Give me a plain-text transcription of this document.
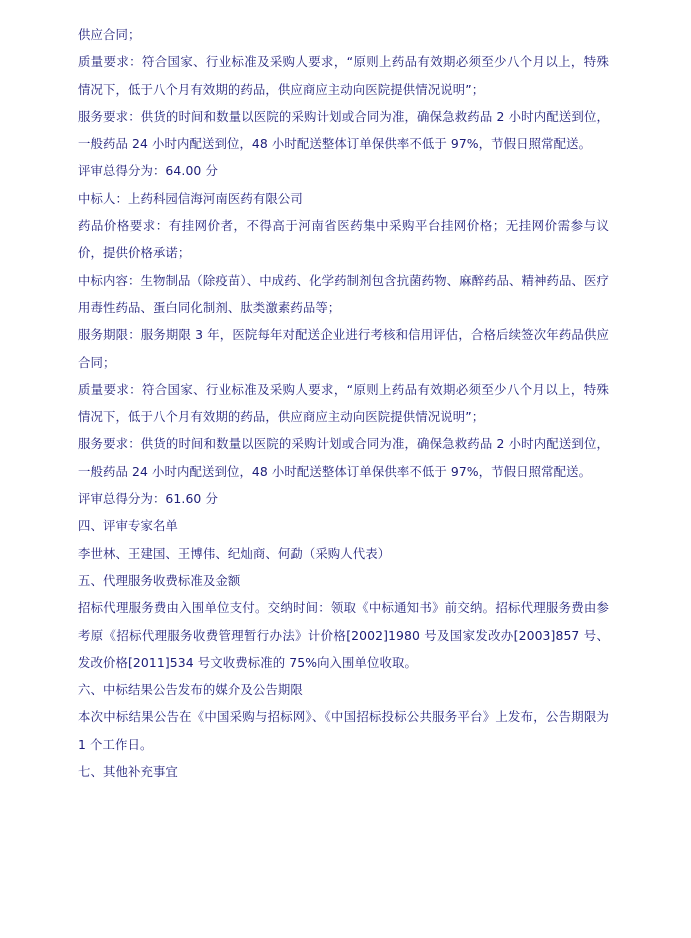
供应合同；

质量要求：符合国家、行业标准及采购人要求，“原则上药品有效期必须至少八个月以上，特殊情况下，低于八个月有效期的药品，供应商应主动向医院提供情况说明”；

服务要求：供货的时间和数量以医院的采购计划或合同为准，确保急救药品 2 小时内配送到位，一般药品 24 小时内配送到位，48 小时配送整体订单保供率不低于 97%，节假日照常配送。

评审总得分为：64.00 分

中标人：上药科园信海河南医药有限公司

药品价格要求：有挂网价者，不得高于河南省医药集中采购平台挂网价格；无挂网价需参与议价，提供价格承诺；

中标内容：生物制品（除疫苗）、中成药、化学药制剂包含抗菌药物、麻醉药品、精神药品、医疗用毒性药品、蛋白同化制剂、肽类激素药品等；

服务期限：服务期限 3 年，医院每年对配送企业进行考核和信用评估，合格后续签次年药品供应合同；

质量要求：符合国家、行业标准及采购人要求，“原则上药品有效期必须至少八个月以上，特殊情况下，低于八个月有效期的药品，供应商应主动向医院提供情况说明”；

服务要求：供货的时间和数量以医院的采购计划或合同为准，确保急救药品 2 小时内配送到位，一般药品 24 小时内配送到位，48 小时配送整体订单保供率不低于 97%，节假日照常配送。

评审总得分为：61.60 分

四、评审专家名单

李世林、王建国、王博伟、纪灿商、何勐（采购人代表）

五、代理服务收费标准及金额

招标代理服务费由入围单位支付。交纳时间：领取《中标通知书》前交纳。招标代理服务费由参考原《招标代理服务收费管理暂行办法》计价格[2002]1980 号及国家发改办[2003]857 号、发改价格[2011]534 号文收费标准的 75%向入围单位收取。

六、中标结果公告发布的媒介及公告期限

本次中标结果公告在《中国采购与招标网》、《中国招标投标公共服务平台》上发布，公告期限为 1 个工作日。

七、其他补充事宜
